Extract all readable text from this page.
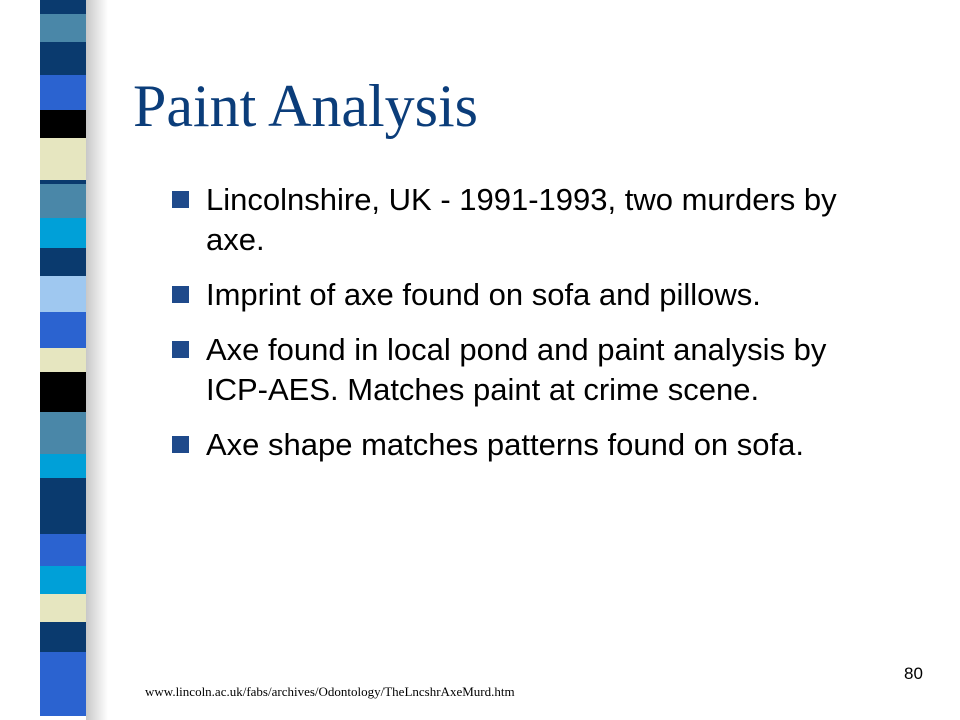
Paint Analysis
Lincolnshire, UK - 1991-1993, two murders by axe.
Imprint of axe found on sofa and pillows.
Axe found in local pond and paint analysis by ICP-AES. Matches paint at crime scene.
Axe shape matches patterns found on sofa.

www.lincoln.ac.uk/fabs/archives/Odontology/TheLncshrAxeMurd.htm

80
